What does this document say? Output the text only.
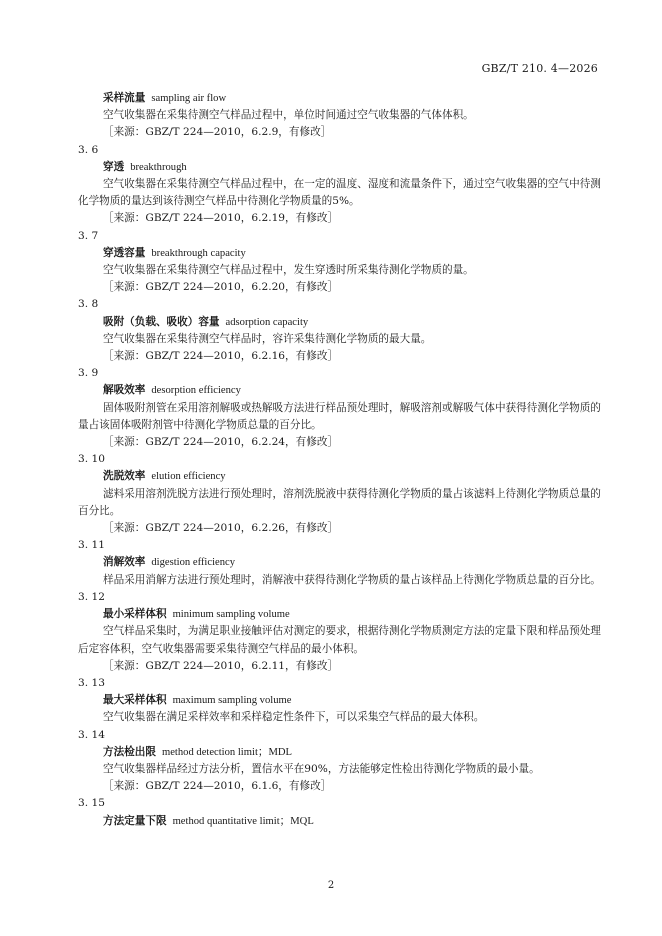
GBZ/T 210. 4—2026
采样流量 sampling air flow
空气收集器在采集待测空气样品过程中，单位时间通过空气收集器的气体体积。
［来源：GBZ/T 224—2010，6.2.9，有修改］
3. 6
穿透 breakthrough
空气收集器在采集待测空气样品过程中，在一定的温度、湿度和流量条件下，通过空气收集器的空气中待测化学物质的量达到该待测空气样品中待测化学物质量的5%。
［来源：GBZ/T 224—2010，6.2.19，有修改］
3. 7
穿透容量 breakthrough capacity
空气收集器在采集待测空气样品过程中，发生穿透时所采集待测化学物质的量。
［来源：GBZ/T 224—2010，6.2.20，有修改］
3. 8
吸附（负载、吸收）容量 adsorption capacity
空气收集器在采集待测空气样品时，容许采集待测化学物质的最大量。
［来源：GBZ/T 224—2010，6.2.16，有修改］
3. 9
解吸效率 desorption efficiency
固体吸附剂管在采用溶剂解吸或热解吸方法进行样品预处理时，解吸溶剂或解吸气体中获得待测化学物质的量占该固体吸附剂管中待测化学物质总量的百分比。
［来源：GBZ/T 224—2010，6.2.24，有修改］
3. 10
洗脱效率 elution efficiency
滤料采用溶剂洗脱方法进行预处理时，溶剂洗脱液中获得待测化学物质的量占该滤料上待测化学物质总量的百分比。
［来源：GBZ/T 224—2010，6.2.26，有修改］
3. 11
消解效率 digestion efficiency
样品采用消解方法进行预处理时，消解液中获得待测化学物质的量占该样品上待测化学物质总量的百分比。
3. 12
最小采样体积 minimum sampling volume
空气样品采集时，为满足职业接触评估对测定的要求，根据待测化学物质测定方法的定量下限和样品预处理后定容体积，空气收集器需要采集待测空气样品的最小体积。
［来源：GBZ/T 224—2010，6.2.11，有修改］
3. 13
最大采样体积 maximum sampling volume
空气收集器在满足采样效率和采样稳定性条件下，可以采集空气样品的最大体积。
3. 14
方法检出限 method detection limit；MDL
空气收集器样品经过方法分析，置信水平在90%，方法能够定性检出待测化学物质的最小量。
［来源：GBZ/T 224—2010，6.1.6，有修改］
3. 15
方法定量下限 method quantitative limit；MQL
2
